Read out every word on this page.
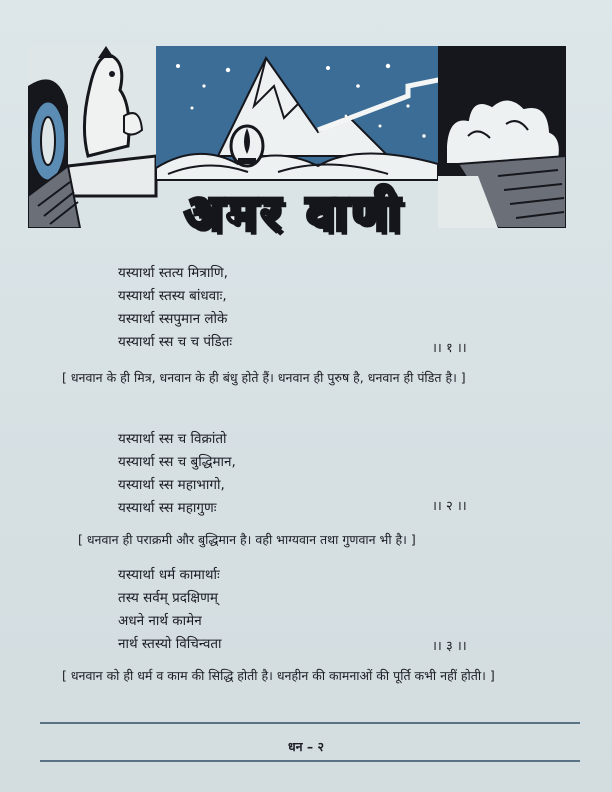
अमर वाणी
यस्यार्था स्तत्य मित्राणि,
यस्यार्था स्तस्य बांधवाः,
यस्यार्था स्सपुमान लोके
यस्यार्था स्स च च पंडितः	।। १ ।।
[ धनवान के ही मित्र, धनवान के ही बंधु होते हैं। धनवान ही पुरुष है, धनवान ही पंडित है। ]
यस्यार्था स्स च विक्रांतो
यस्यार्था स्स च बुद्धिमान,
यस्यार्था स्स महाभागो,
यस्यार्था स्स महागुणः	।। २ ।।
[ धनवान ही पराक्रमी और बुद्धिमान है। वही भाग्यवान तथा गुणवान भी है। ]
यस्यार्था धर्म कामार्थाः
तस्य सर्वम् प्रदक्षिणम्
अधने नार्थ कामेन
नार्थ स्तस्यो विचिन्वता	।। ३ ।।
[ धनवान को ही धर्म व काम की सिद्धि होती है। धनहीन की कामनाओं की पूर्ति कभी नहीं होती। ]
धन – २
